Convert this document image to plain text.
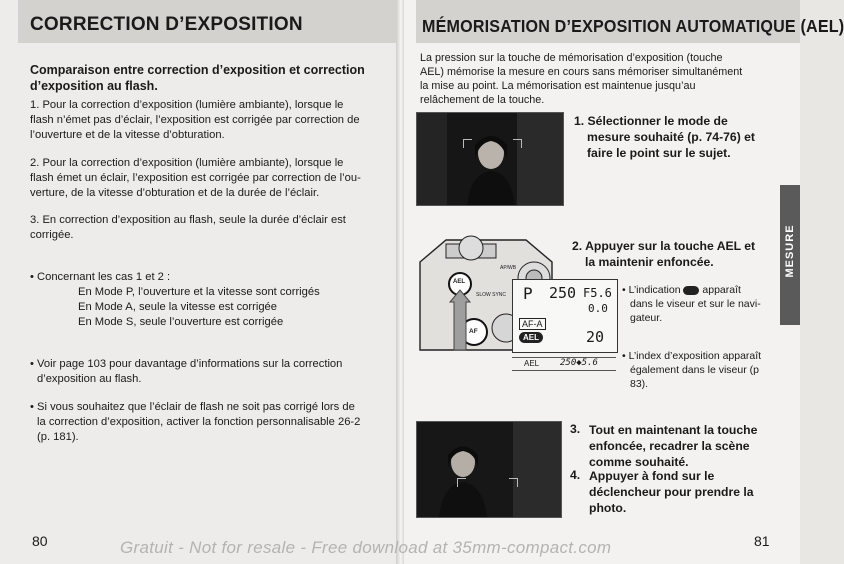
CORRECTION D’EXPOSITION
Comparaison entre correction d’exposition et correction
d’exposition au flash.
1. Pour la correction d’exposition (lumière ambiante), lorsque le
flash n’émet pas d’éclair, l’exposition est corrigée par correction de
l’ouverture et de la vitesse d’obturation.
2. Pour la correction d’exposition (lumière ambiante), lorsque le
flash émet un éclair, l’exposition est corrigée par correction de l’ou-
verture, de la vitesse d’obturation et de la durée de l’éclair.
3. En correction d’exposition au flash, seule la durée d’éclair est
corrigée.
• Concernant les cas 1 et 2 :
En Mode P, l’ouverture et la vitesse sont corrigés
En Mode A, seule la vitesse est corrigée
En Mode S, seule l’ouverture est corrigée
• Voir page 103 pour davantage d’informations sur la correction
d’exposition au flash.
• Si vous souhaitez que l’éclair de flash ne soit pas corrigé lors de
la correction d’exposition, activer la fonction personnalisable 26-2
(p. 181).
80
MÉMORISATION D’EXPOSITION AUTOMATIQUE (AEL)
La pression sur la touche de mémorisation d’exposition (touche
AEL) mémorise la mesure en cours sans mémoriser simultanément
la mise au point. La mémorisation est maintenue jusqu’au
relâchement de la touche.
81
1. Sélectionner le mode de
mesure souhaité (p. 74-76) et
faire le point sur le sujet.
AEL
AF
SLOW SYNC
AP/WB
P 250 F5.6
0.0
AF-A
AEL	20
AEL 250◆5.6
2. Appuyer sur la touche AEL et
la maintenir enfoncée.
• L’indication apparaît
dans le viseur et sur le navi-
gateur.
• L’index d’exposition apparaît
également dans le viseur (p
83).
3. Tout en maintenant la touche
enfoncée, recadrer la scène
comme souhaité.
4. Appuyer à fond sur le
déclencheur pour prendre la
photo.
MESURE
Gratuit - Not for resale - Free download at 35mm-compact.com
